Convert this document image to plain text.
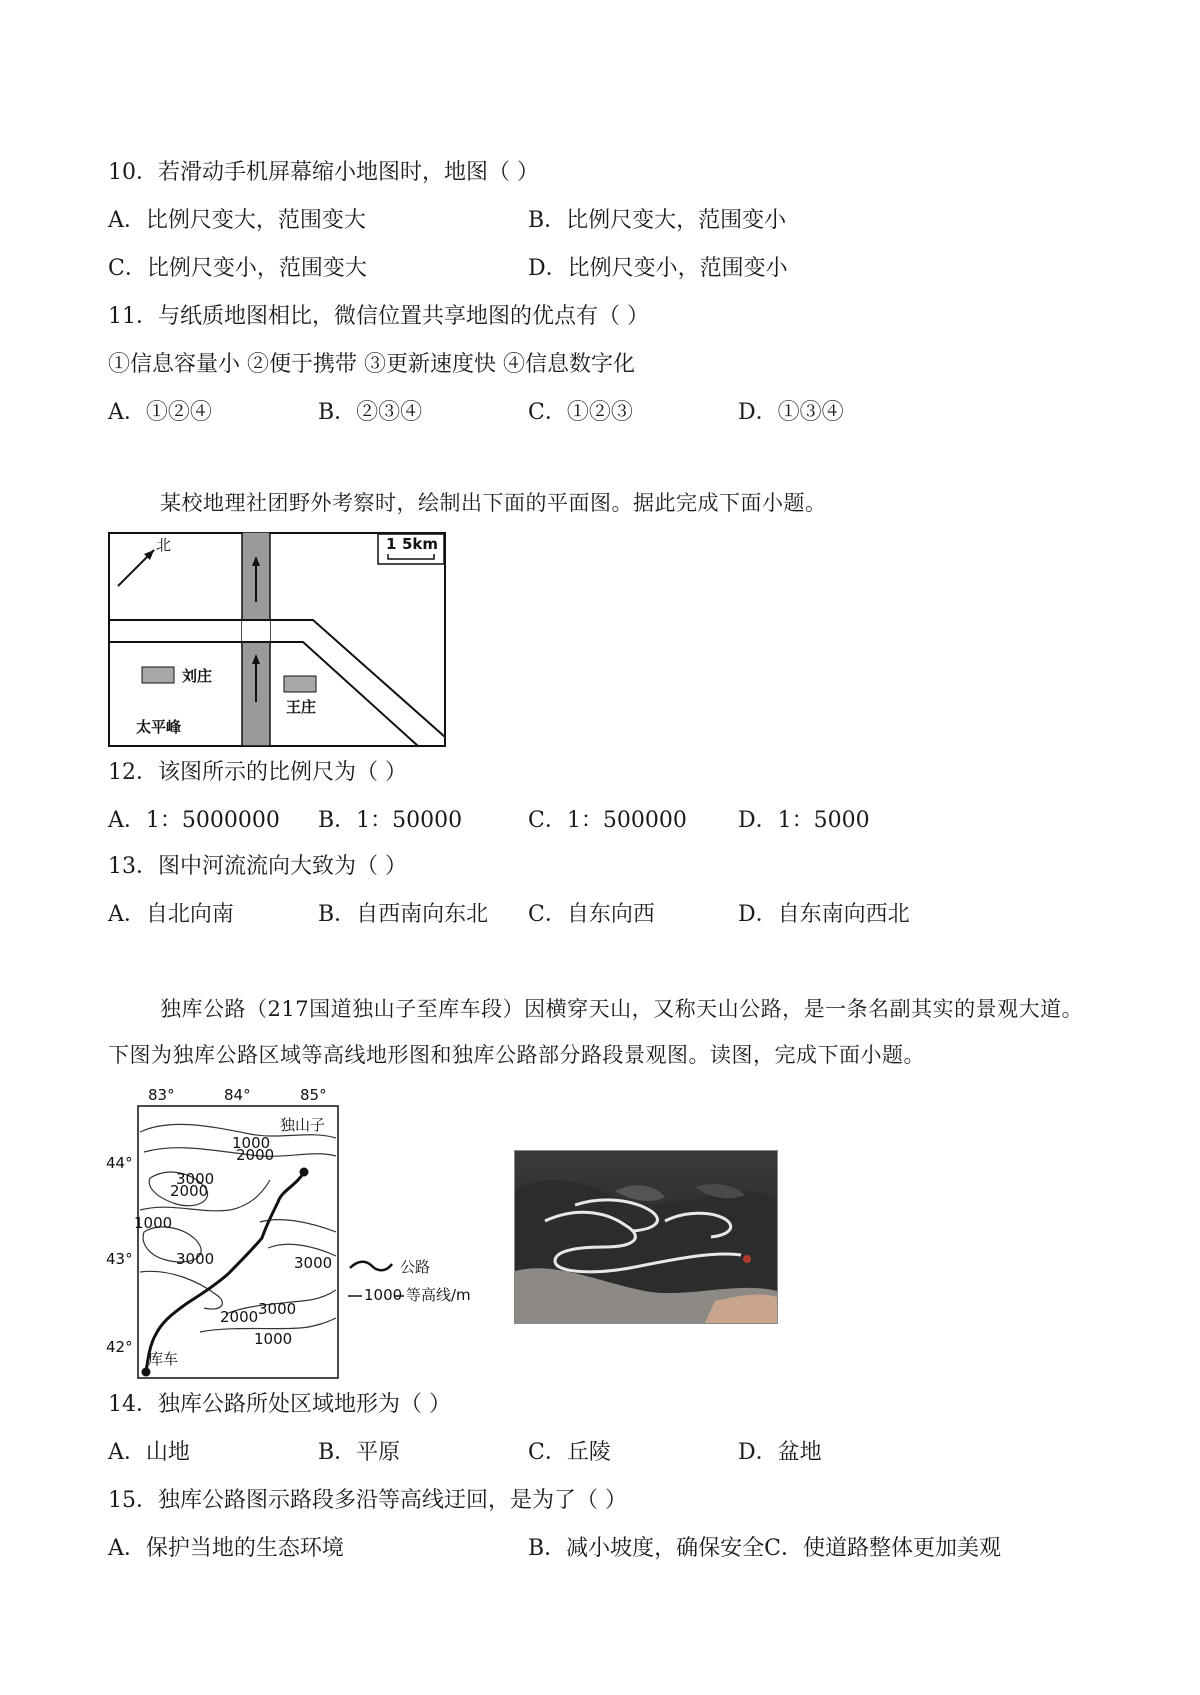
10．若滑动手机屏幕缩小地图时，地图（ ）
A．比例尺变大，范围变大	B．比例尺变大，范围变小
C．比例尺变小，范围变大	D．比例尺变小，范围变小
11．与纸质地图相比，微信位置共享地图的优点有（ ）
①信息容量小 ②便于携带 ③更新速度快 ④信息数字化
A．①②④	B．②③④	C．①②③	D．①③④
某校地理社团野外考察时，绘制出下面的平面图。据此完成下面小题。
北	1 5km
刘庄
王庄
太平峰
12．该图所示的比例尺为（ ）
A．1：5000000 B．1：50000	C．1：500000 D．1：5000
13．图中河流流向大致为（ ）
A．自北向南	B．自西南向东北 C．自东向西	D．自东南向西北
独库公路（217国道独山子至库车段）因横穿天山，又称天山公路，是一条名副其实的景观大道。下图为独库公路区域等高线地形图和独库公路部分路段景观图。读图，完成下面小题。
83°	84°	85°
44°
43°
42°
独山子
库车
1000
2000
3000
2000
1000
3000	3000
2000 3000
1000
公路
1000 等高线/m
14．独库公路所处区域地形为（ ）
A．山地	B．平原	C．丘陵	D．盆地
15．独库公路图示路段多沿等高线迂回，是为了（ ）
A．保护当地的生态环境	B．减小坡度，确保安全C．使道路整体更加美观
